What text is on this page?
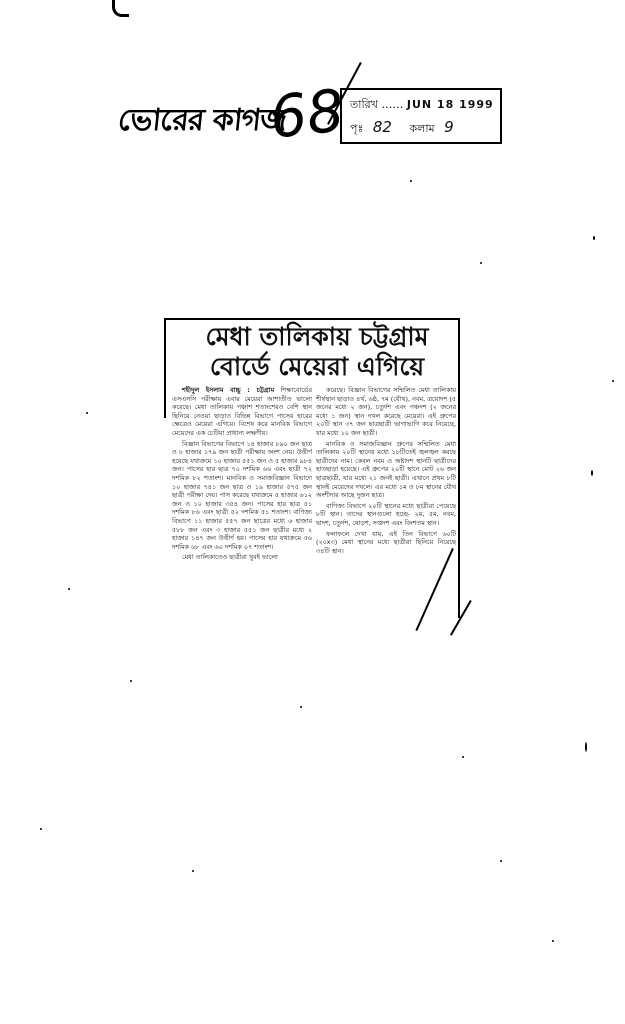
ভোরের কাগজ
68 তারিখ …… JUN 18 1999
পৃঃ 82 কলাম 9
মেধা তালিকায় চট্টগ্রাম বোর্ডে মেয়েরা এগিয়ে

শহীদুল ইসলাম বাচ্চু : চট্টগ্রাম শিক্ষাবোর্ডের এসএসসি পরীক্ষায় এবার মেয়েরা আশাতীত ভালো করেছে। মেধা তালিকায় পঞ্চাশ শতাংশেরও বেশি স্থান ছিনিয়ে নেওয়া ছাড়াও বিভিন্ন বিভাগে পাসের হারের ক্ষেত্রেও মেয়েরা এগিয়ে। বিশেষ করে মানবিক বিভাগে মেয়েদের এক চেটিয়া প্রাধান্য লক্ষণীয়।

বিজ্ঞান বিভাগের বিভাগে ১৪ হাজার ৮৯০ জন ছাত্র ও ৮ হাজার ১৭৯ জন ছাত্রী পরীক্ষায় অংশ নেয়। উত্তীর্ণ হয়েছে যথাক্রমে ১০ হাজার ৫৫১ জন ও ৫ হাজার ৯৮৪ জন। পাসের হার ছাত্র ৭০ দশমিক ৬৬ এবং ছাত্রী ৭২ দশমিক ৮২ শতাংশ। মানবিক ও সমাজবিজ্ঞান বিভাগে ১০ হাজার ৭৪১ জন ছাত্র ও ১৯ হাজার ৫৭৫ জন ছাত্রী পরীক্ষা দেয়। পাস করেছে যথাক্রমে ৫ হাজার ৬১২ জন ও ১০ হাজার ৩৫৪ জন। পাসের হার ছাত্র ৫১ দশমিক ৮৬ এবং ছাত্রী ৫২ দশমিক ৫১ শতাংশ। বাণিজ্য বিভাগে ১১ হাজার ৫৫৭ জন ছাত্রের মধ্যে ৬ হাজার ৫৮৮ জন এবং ৩ হাজার ৫৫১ জন ছাত্রীর মধ্যে ২ হাজার ১৪৭ জন উত্তীর্ণ হয়। পাসের হার যথাক্রমে ৫৬ দশমিক ৬৮ এবং ৬০ দশমিক ০৭ শতাংশ।

মেধা তালিকাতেও ছাত্রীরা খুবই ভালো

করেছে। বিজ্ঞান বিভাগের সম্মিলিত মেধা তালিকায় শীর্ষস্থান ছাড়াও ৪র্থ, ৬ষ্ঠ, ৭ম (যৌথ), নবম, ত্রয়োদশ (৫ জনের মধ্যে ২ জন), চতুর্দশ এবং পঞ্চদশ (২ জনের মধ্যে ১ জন) স্থান দখল করেছে মেয়েরা। এই গ্রুপের ২০টি স্থান ৩৭ জন ছাত্রছাত্রী ভাগাভাগি করে নিয়েছে, যার মধ্যে ১০ জন ছাত্রী।

মানবিক ও সমাজবিজ্ঞান গ্রুপের সম্মিলিত মেধা তালিকায় ২০টি স্থানের মধ্যে ১৮টিতেই জ্বলজ্বল করছে ছাত্রীদের নাম। কেবল নবম ও অষ্টাদশ স্থানটি ছাত্রীদের হাতছাড়া হয়েছে। এই গ্রুপের ২০টি স্থানে মোট ২৬ জন ছাত্রছাত্রী, যার মধ্যে ২১ জনই ছাত্রী। এখানে প্রথম ৮টি স্থানই মেয়েদের দখলে। এর মধ্যে ১ম ও ৮ম স্থানের যৌথ অংশীদার আছে দুজন ছাত্র।

বাণিজ্য বিভাগে ২০টি স্থানের মধ্যে ছাত্রীরা পেয়েছে ৮টি স্থান। তাদের স্থানগুলো হচ্ছে- ২য়, ৫ম, নবম, দ্বাদশ, চতুর্দশ, ষোড়শ, সপ্তদশ এবং বিংশতম স্থান।

ফলাফলে দেখা যায়, এই তিন বিভাগে ৬০টি (২০x৩) মেধা স্থানের মধ্যে ছাত্রীরা ছিনিয়ে নিয়েছে ৩৪টি স্থান।
